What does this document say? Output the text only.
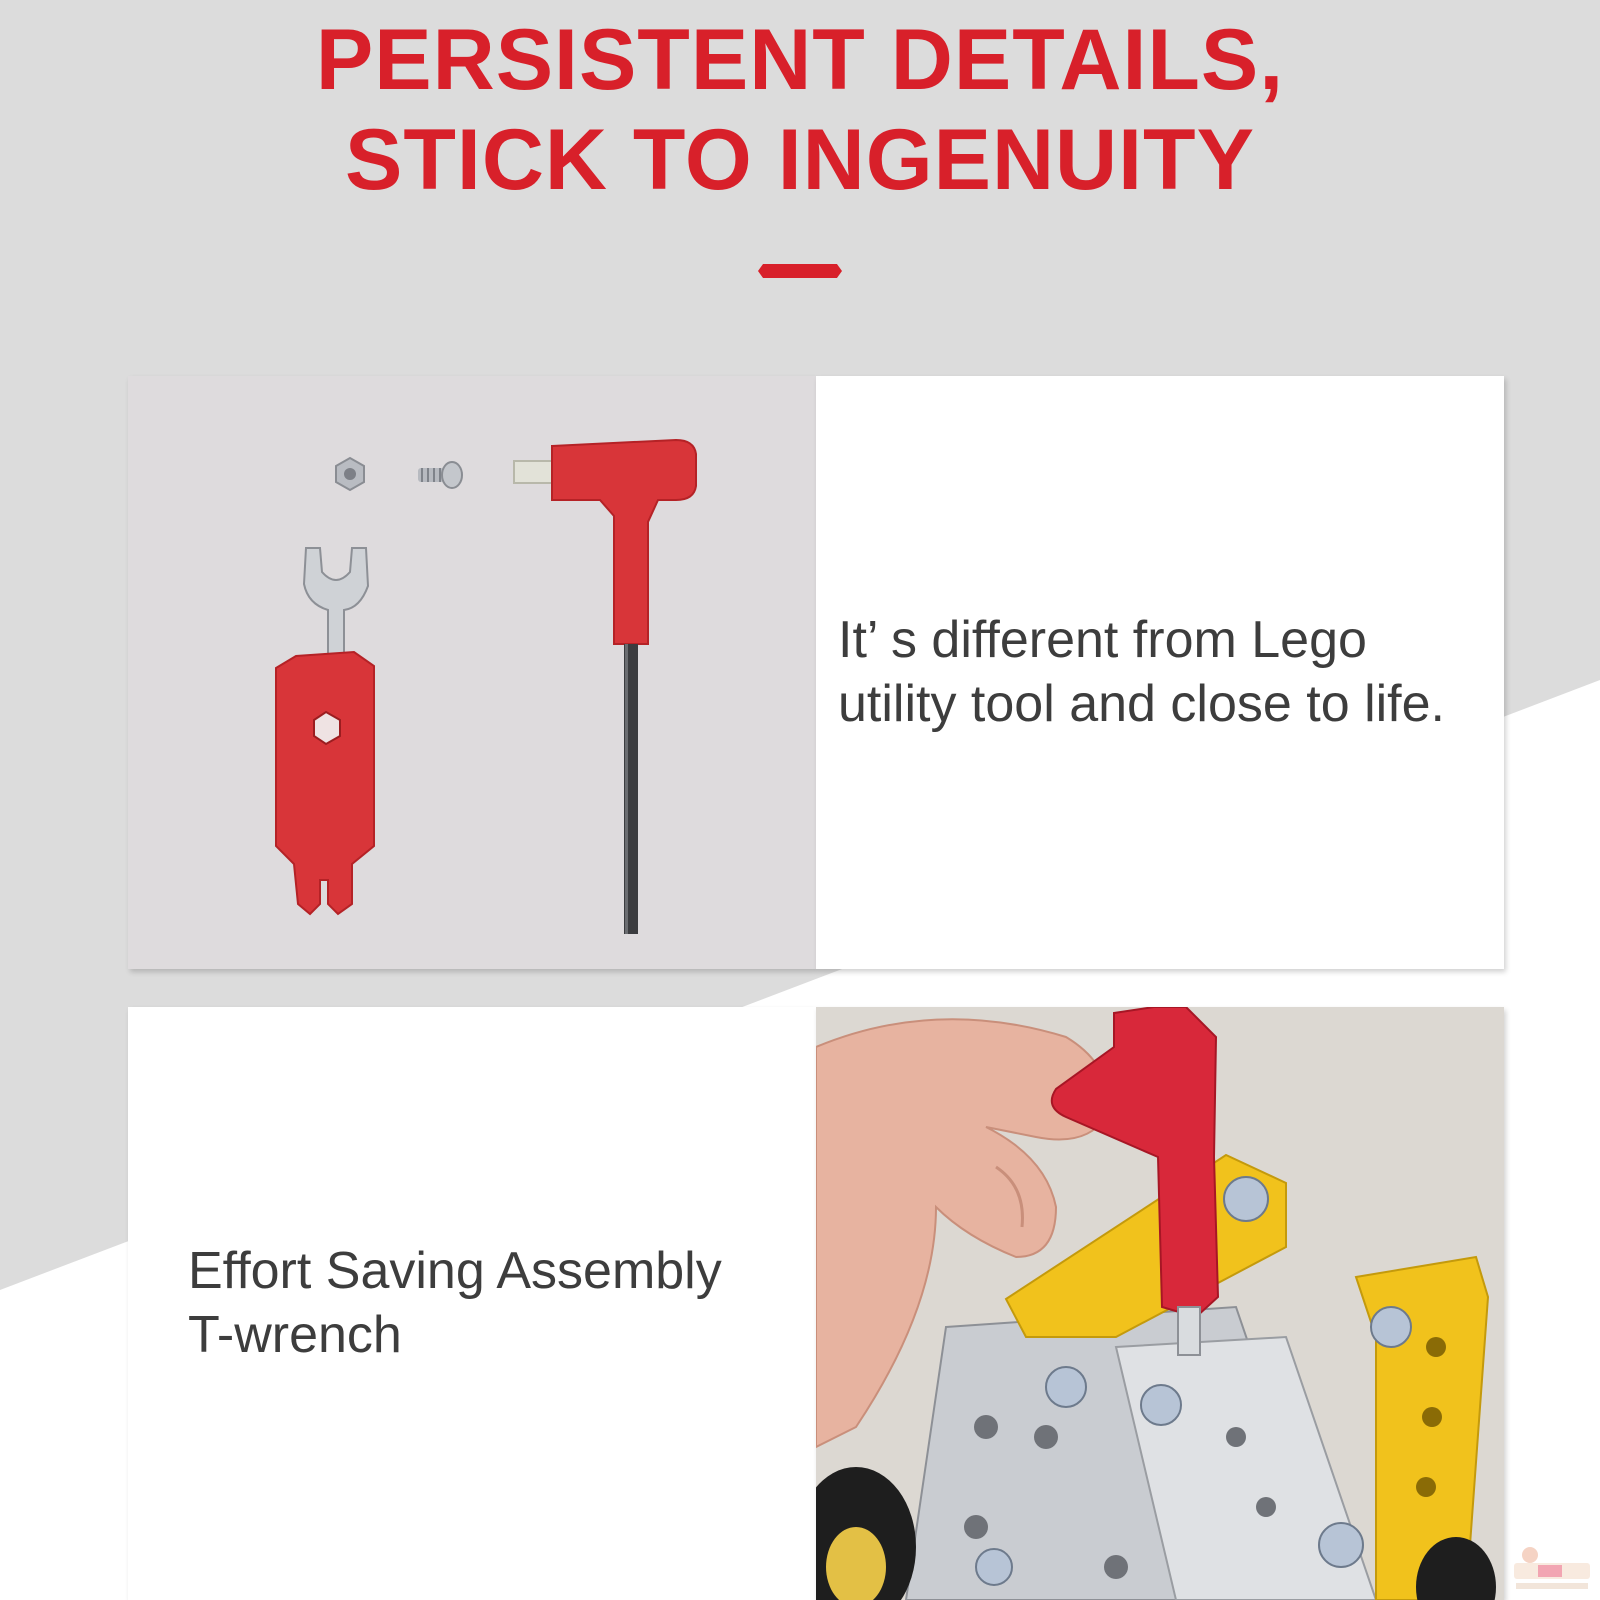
PERSISTENT DETAILS,
STICK TO INGENUITY

It’ s different from Lego
utility tool and close to life.

Effort Saving Assembly
T-wrench
